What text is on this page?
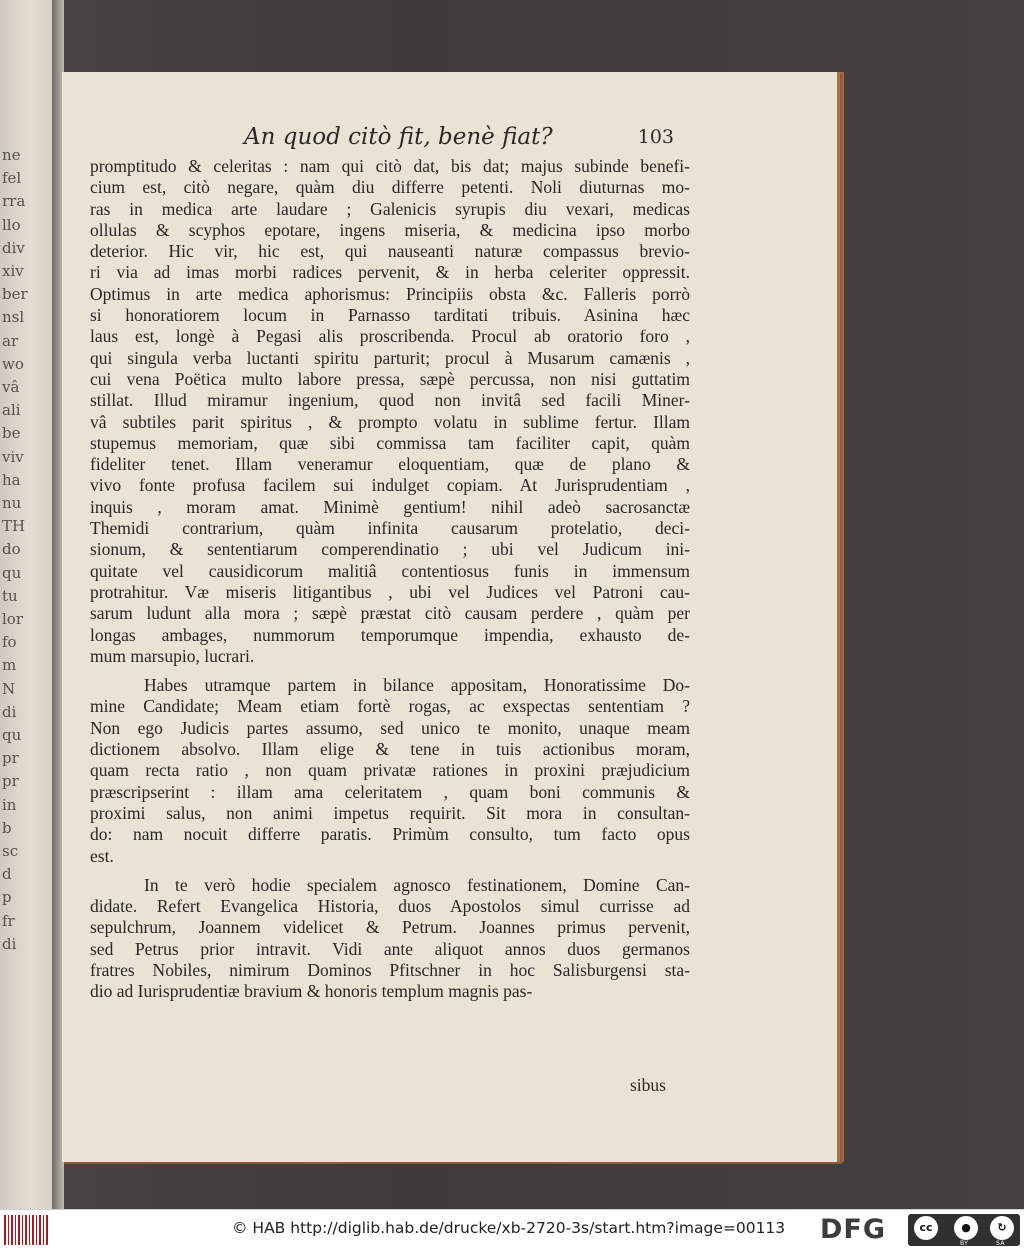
ne
fel
rra
llo
div
xiv
ber
nsl
ar
wo
vâ
ali
be
viv
ha
nu
TH
do
qu
tu
lor
fo
m
N
di
qu
pr
pr
in
b
sc
d
p
fr
di
An quod citò fit, benè fiat?	103
promptitudo & celeritas : nam qui citò dat, bis dat; majus subinde benefi-
cium est, citò negare, quàm diu differre petenti. Noli diuturnas mo-
ras in medica arte laudare ; Galenicis syrupis diu vexari, medicas
ollulas & scyphos epotare, ingens miseria, & medicina ipso morbo
deterior. Hic vir, hic est, qui nauseanti naturæ compassus brevio-
ri via ad imas morbi radices pervenit, & in herba celeriter oppressit.
Optimus in arte medica aphorismus: Principiis obsta &c. Falleris porrò
si honoratiorem locum in Parnasso tarditati tribuis. Asinina hæc
laus est, longè à Pegasi alis proscribenda. Procul ab oratorio foro ,
qui singula verba luctanti spiritu parturit; procul à Musarum camænis ,
cui vena Poëtica multo labore pressa, sæpè percussa, non nisi guttatim
stillat. Illud miramur ingenium, quod non invitâ sed facili Miner-
vâ subtiles parit spiritus , & prompto volatu in sublime fertur. Illam
stupemus memoriam, quæ sibi commissa tam faciliter capit, quàm
fideliter tenet. Illam veneramur eloquentiam, quæ de plano &
vivo fonte profusa facilem sui indulget copiam. At Jurisprudentiam ,
inquis , moram amat. Minimè gentium! nihil adeò sacrosanctæ
Themidi contrarium, quàm infinita causarum protelatio, deci-
sionum, & sententiarum comperendinatio ; ubi vel Judicum ini-
quitate vel causidicorum malitiâ contentiosus funis in immensum
protrahitur. Væ miseris litigantibus , ubi vel Judices vel Patroni cau-
sarum ludunt alla mora ; sæpè præstat citò causam perdere , quàm per
longas ambages, nummorum temporumque impendia, exhausto de-
mum marsupio, lucrari.
Habes utramque partem in bilance appositam, Honoratissime Do-
mine Candidate; Meam etiam fortè rogas, ac exspectas sententiam ?
Non ego Judicis partes assumo, sed unico te monito, unaque meam
dictionem absolvo. Illam elige & tene in tuis actionibus moram,
quam recta ratio , non quam privatæ rationes in proxini præjudicium
præscripserint : illam ama celeritatem , quam boni communis &
proximi salus, non animi impetus requirit. Sit mora in consultan-
do: nam nocuit differre paratis. Primùm consulto, tum facto opus
est.
In te verò hodie specialem agnosco festinationem, Domine Can-
didate. Refert Evangelica Historia, duos Apostolos simul currisse ad
sepulchrum, Joannem videlicet & Petrum. Joannes primus pervenit,
sed Petrus prior intravit. Vidi ante aliquot annos duos germanos
fratres Nobiles, nimirum Dominos Pfitschner in hoc Salisburgensi sta-
dio ad Iurisprudentiæ bravium & honoris templum magnis pas-
sibus
© HAB http://diglib.hab.de/drucke/xb-2720-3s/start.htm?image=00113 DFG	cc	●	↻
BY	SA
